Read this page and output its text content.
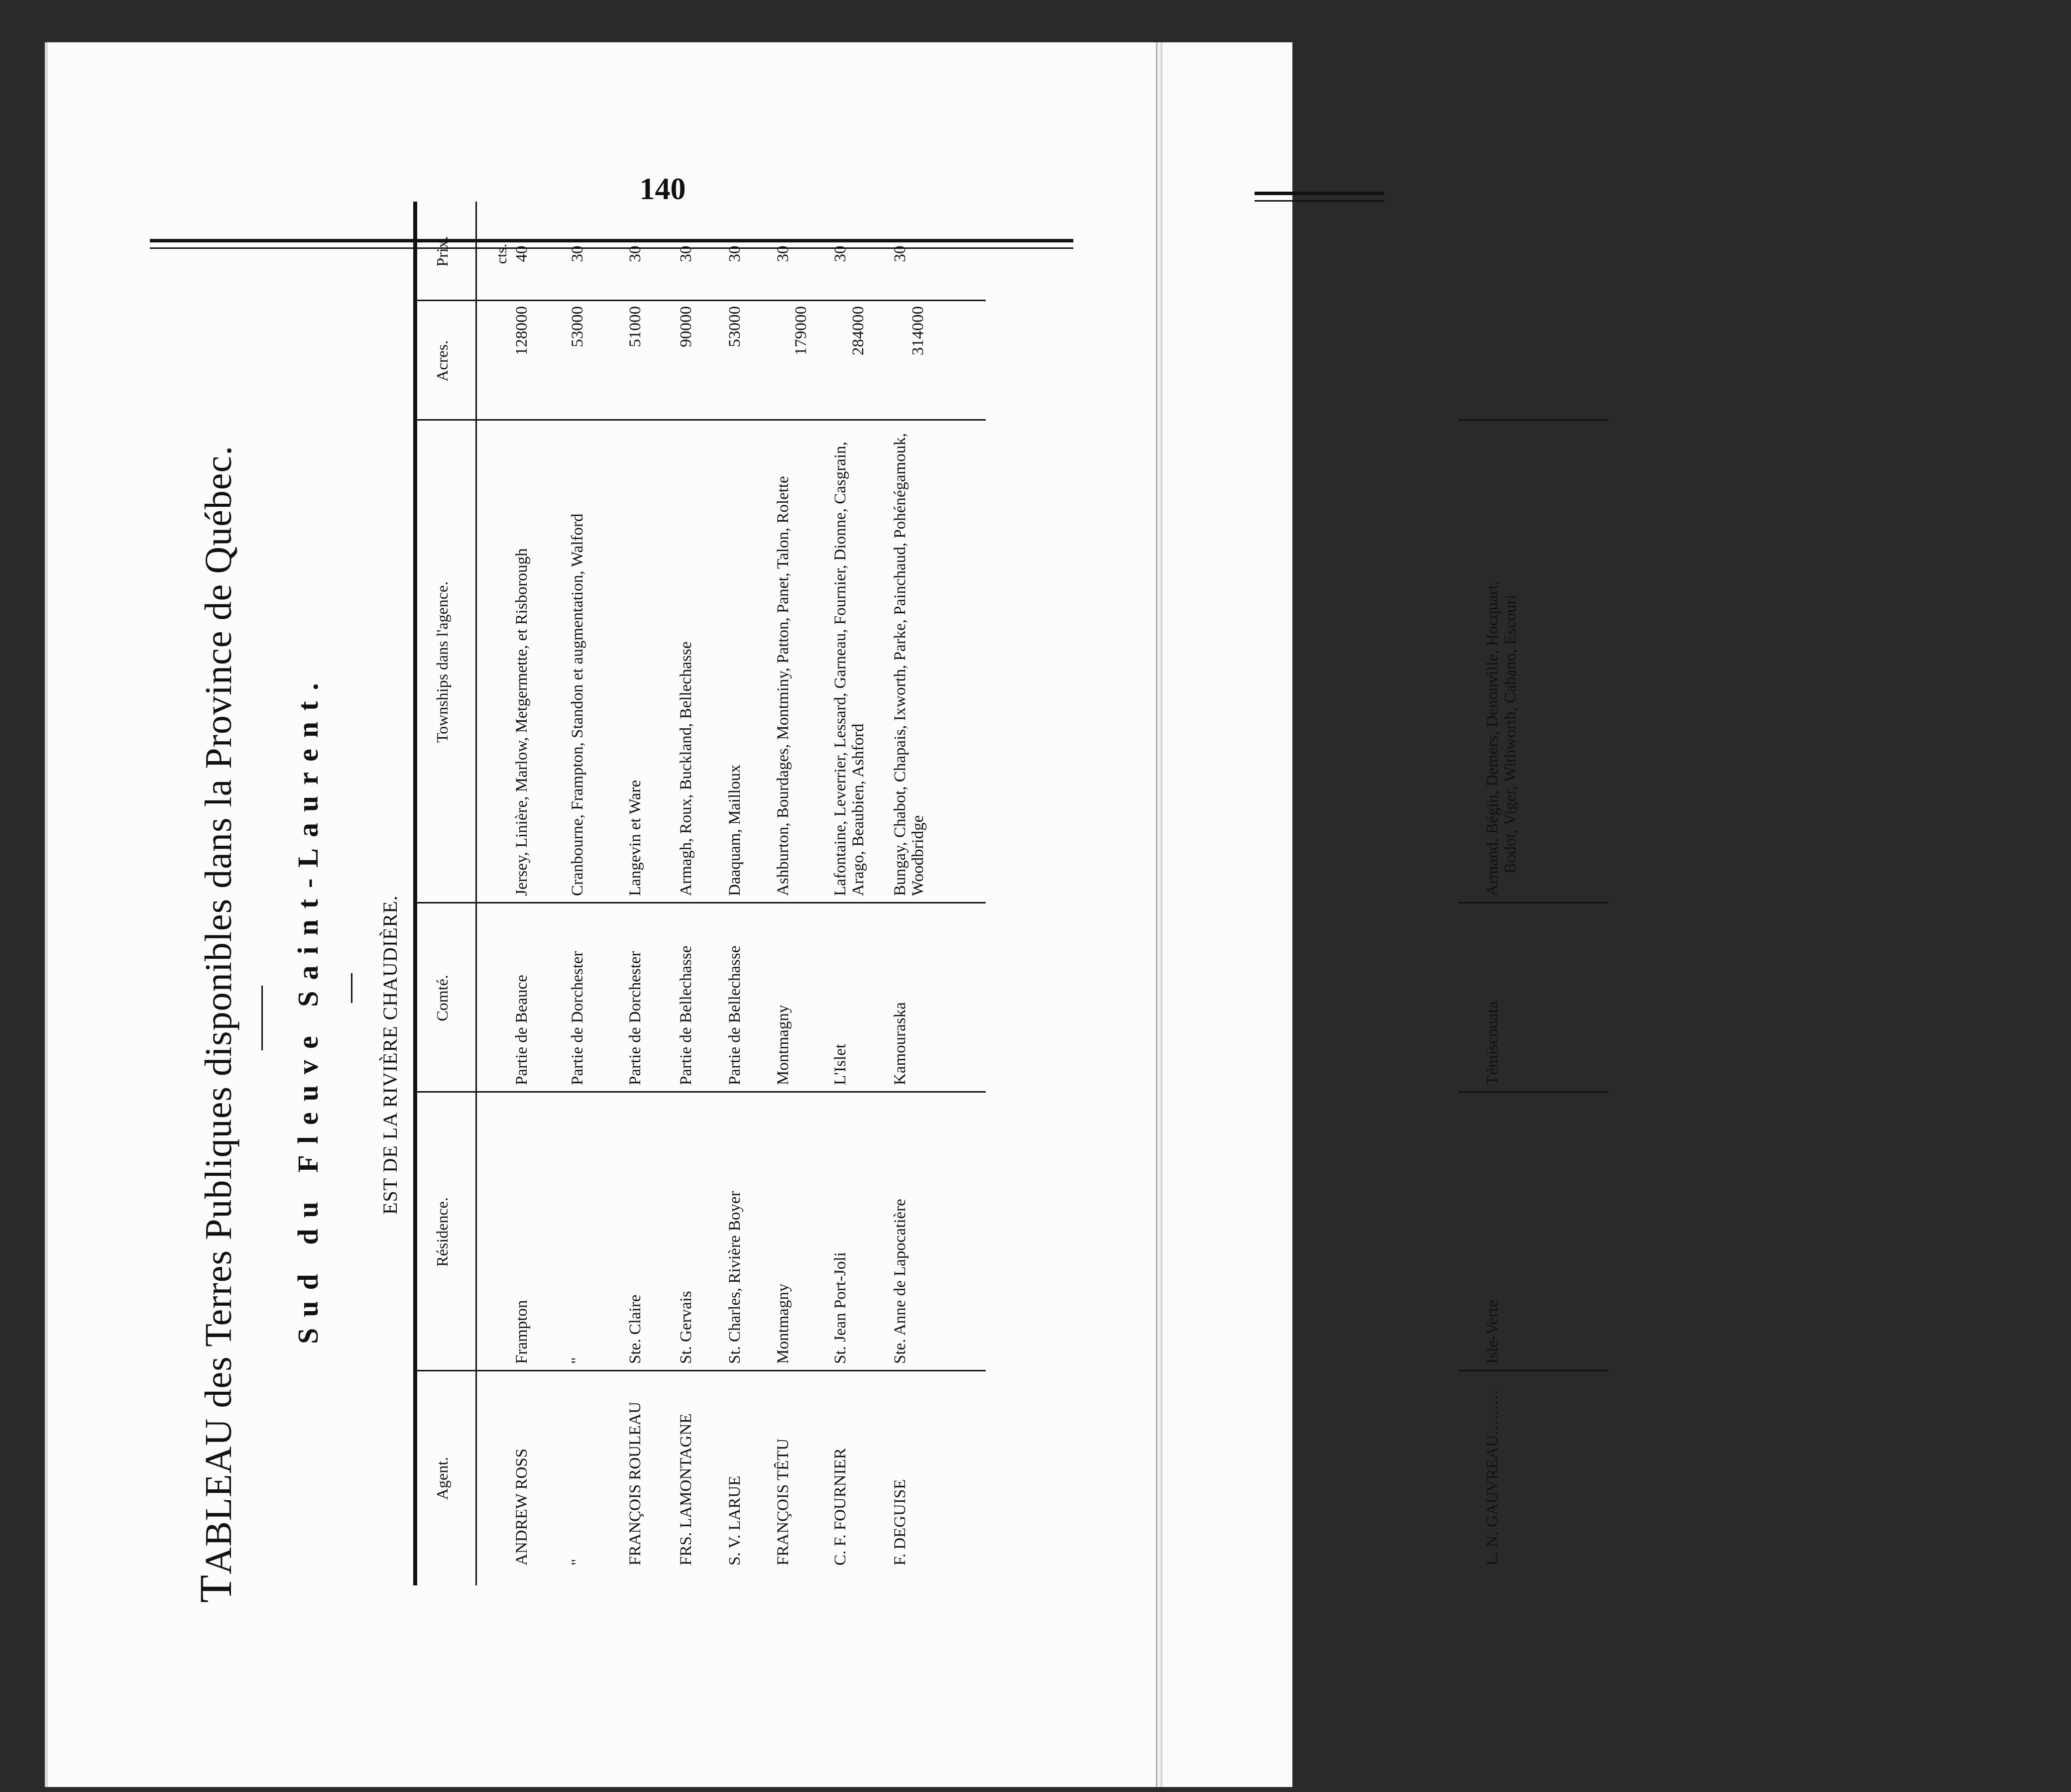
140
TABLEAU des Terres Publiques disponibles dans la Province de Québec. Sud du Fleuve Saint-Laurent.	EST DE LA RIVIÈRE CHAUDIÈRE.
Agent.
Résidence.
Comté.
Townships dans l'agence.
Acres.
Prix.	cts.
ANDREW ROSS
Frampton
Partie de Beauce
Jersey, Linière, Marlow, Metgermette, et Risborough
128000
40
"
"
Partie de Dorchester
Cranbourne, Frampton, Standon et augmentation, Walford
53000
30
FRANÇOIS ROULEAU
Ste. Claire
Partie de Dorchester
Langevin et Ware
51000
30
FRS. LAMONTAGNE
St. Gervais
Partie de Bellechasse
Armagh, Roux, Buckland, Bellechasse
90000
30
S. V. LARUE
St. Charles, Rivière Boyer
Partie de Bellechasse
Daaquam, Mailloux
53000
30
FRANÇOIS TÊTU
Montmagny
Montmagny
Ashburton, Bourdages, Montminy, Patton, Panet, Talon, Rolette
179000
30
C. F. FOURNIER
St. Jean Port-Joli
L'Islet
Lafontaine, Leverrier, Lessard, Garneau, Fournier, Dionne, Casgrain, Arago, Beaubien, Ashford
284000
30
F. DEGUISE
Ste. Anne de Lapocatière
Kamouraska
Bungay, Chabot, Chapais, Ixworth, Parke, Painchaud, Pohénégamouk, Woodbridge
314000
30
L. N. GAUVREAU.........
Isle-Verte
Témiscouata
Armand, Bégin, Demers, Denonville, Hocquart, Bodot, Viger, Withworth, Cabano, Escouri
